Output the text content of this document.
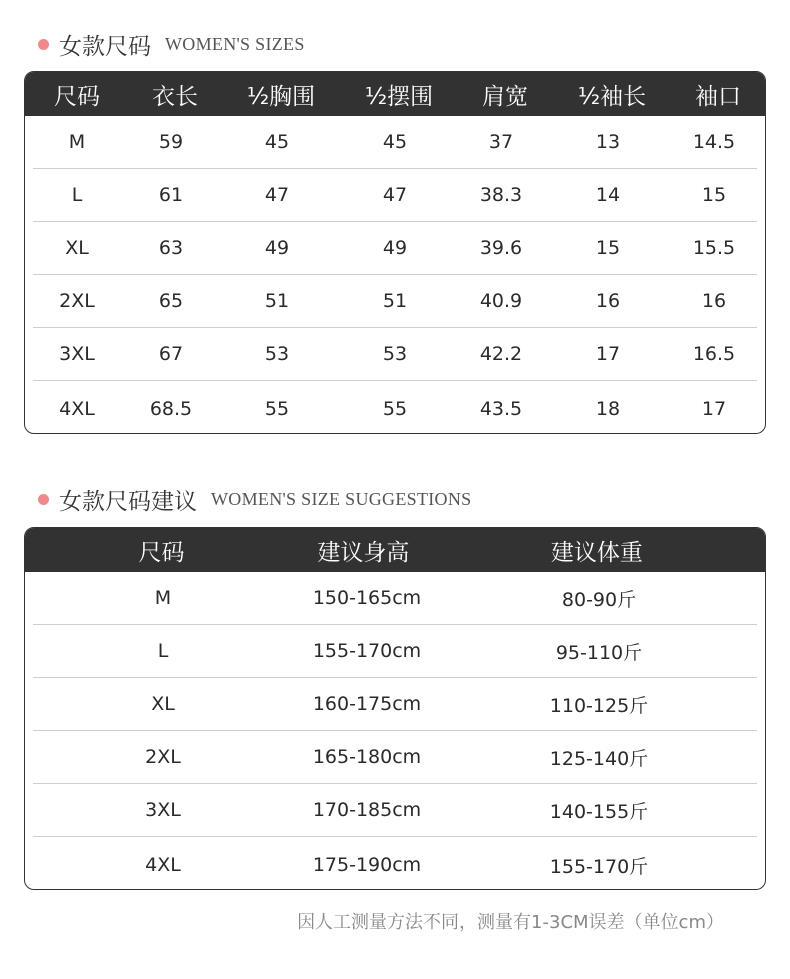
女款尺码 WOMEN'S SIZES
尺码	衣长	½胸围	½摆围	肩宽	½袖长	袖口
M	59	45	45	37	13	14.5
L	61	47	47	38.3	14	15
XL	63	49	49	39.6	15	15.5
2XL	65	51	51	40.9	16	16
3XL	67	53	53	42.2	17	16.5
4XL	68.5	55	55	43.5	18	17
女款尺码建议 WOMEN'S SIZE SUGGESTIONS
尺码	建议身高	建议体重
M	150-165cm	80-90斤
L	155-170cm	95-110斤
XL	160-175cm	110-125斤
2XL	165-180cm	125-140斤
3XL	170-185cm	140-155斤
4XL	175-190cm	155-170斤
因人工测量方法不同，测量有1-3CM误差（单位cm）
